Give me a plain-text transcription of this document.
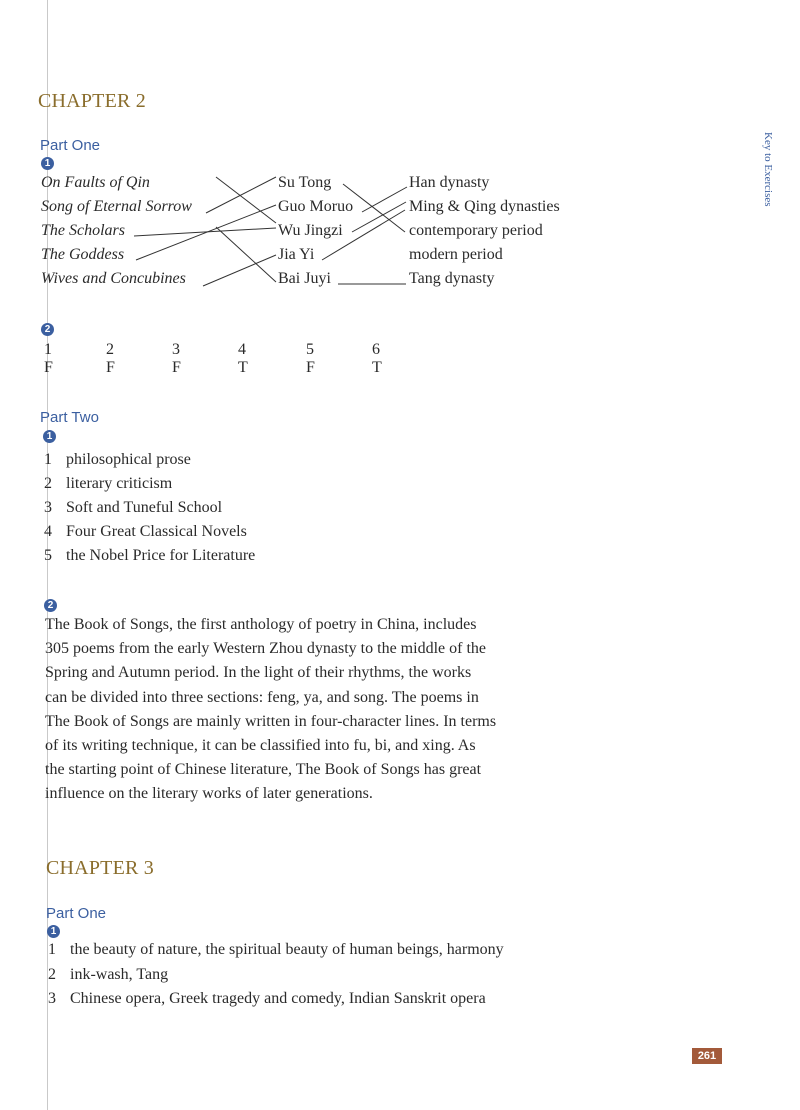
Key to Exercises
CHAPTER 2
Part One
1
On Faults of Qin
Song of Eternal Sorrow
The Scholars
The Goddess
Wives and Concubines
Su Tong
Guo Moruo
Wu Jingzi
Jia Yi
Bai Juyi
Han dynasty
Ming & Qing dynasties
contemporary period
modern period
Tang dynasty
2
1 F
2 F
3 F
4 T
5 F
6 T
Part Two
1
1 philosophical prose
2 literary criticism
3 Soft and Tuneful School
4 Four Great Classical Novels
5 the Nobel Price for Literature
2

The Book of Songs, the first anthology of poetry in China, includes

305 poems from the early Western Zhou dynasty to the middle of the

Spring and Autumn period. In the light of their rhythms, the works

can be divided into three sections: feng, ya, and song. The poems in

The Book of Songs are mainly written in four-character lines. In terms

of its writing technique, it can be classified into fu, bi, and xing. As

the starting point of Chinese literature, The Book of Songs has great

influence on the literary works of later generations.

CHAPTER 3
Part One
1
1 the beauty of nature, the spiritual beauty of human beings, harmony
2 ink-wash, Tang
3 Chinese opera, Greek tragedy and comedy, Indian Sanskrit opera
261
